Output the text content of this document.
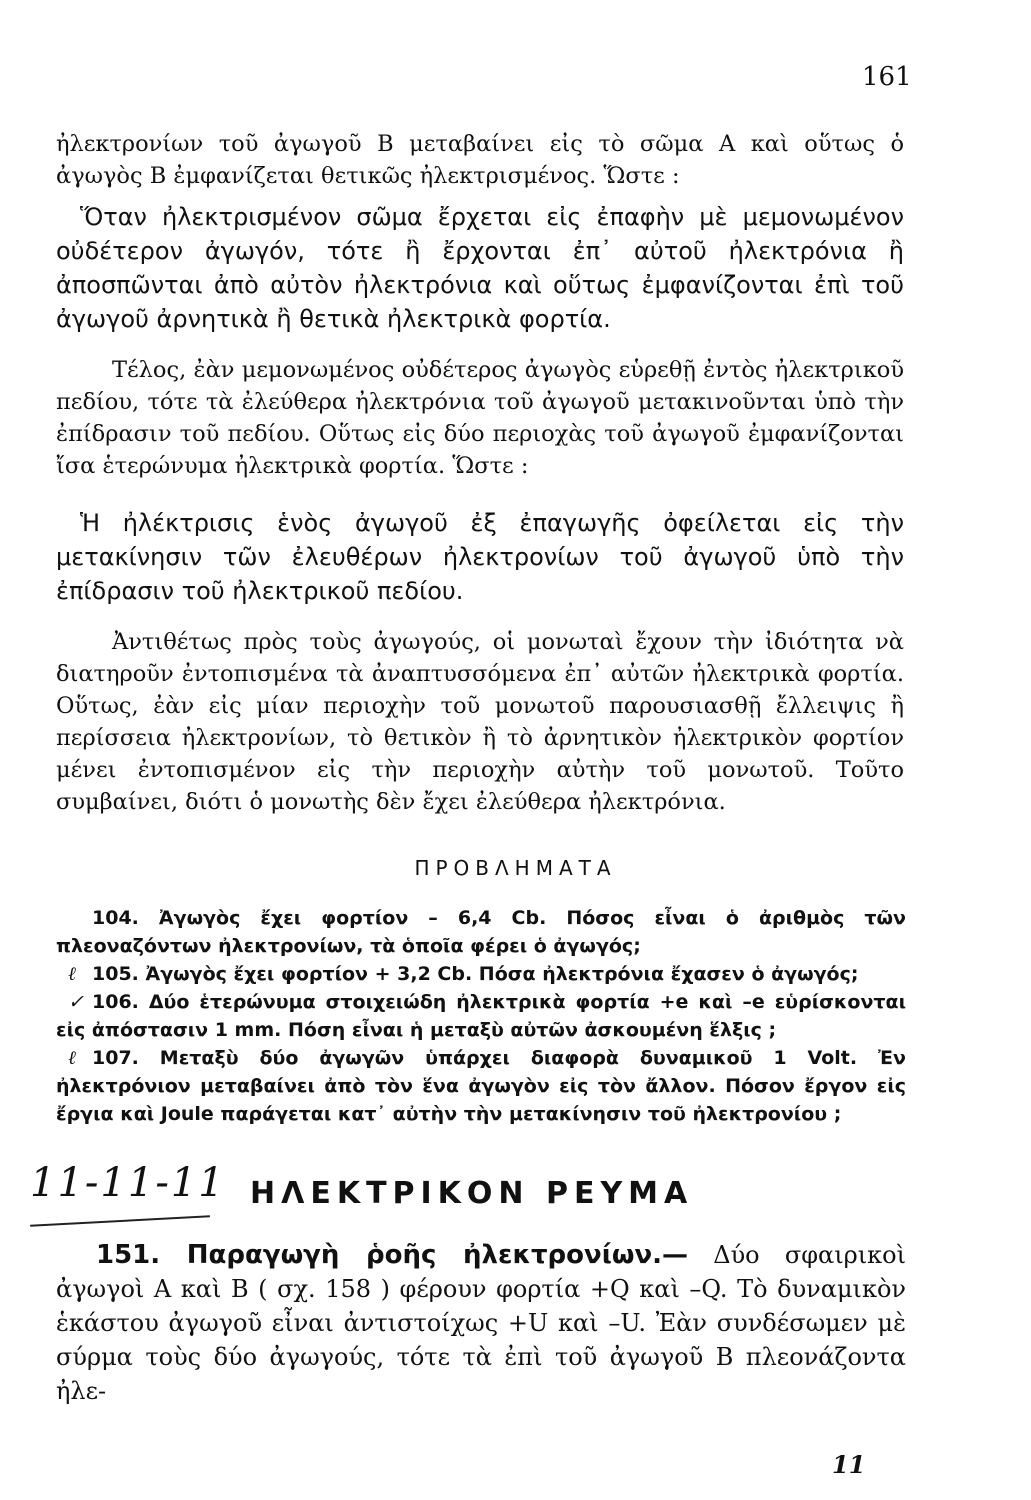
161
ἠλεκτρονίων τοῦ ἀγωγοῦ Β μεταβαίνει εἰς τὸ σῶμα Α καὶ οὕτως ὁ ἀγωγὸς Β ἐμφανίζεται θετικῶς ἠλεκτρισμένος. Ὥστε :
Ὅταν ἠλεκτρισμένον σῶμα ἔρχεται εἰς ἐπαφὴν μὲ μεμονωμένον οὐδέτερον ἀγωγόν, τότε ἢ ἔρχονται ἐπ᾿ αὐτοῦ ἠλεκτρόνια ἢ ἀποσπῶνται ἀπὸ αὐτὸν ἠλεκτρόνια καὶ οὕτως ἐμφανίζονται ἐπὶ τοῦ ἀγωγοῦ ἀρνητικὰ ἢ θετικὰ ἠλεκτρικὰ φορτία.
Τέλος, ἐὰν μεμονωμένος οὐδέτερος ἀγωγὸς εὑρεθῇ ἐντὸς ἠλεκτρικοῦ πεδίου, τότε τὰ ἐλεύθερα ἠλεκτρόνια τοῦ ἀγωγοῦ μετακινοῦνται ὑπὸ τὴν ἐπίδρασιν τοῦ πεδίου. Οὕτως εἰς δύο περιοχὰς τοῦ ἀγωγοῦ ἐμφανίζονται ἴσα ἑτερώνυμα ἠλεκτρικὰ φορτία. Ὥστε :
Ἡ ἠλέκτρισις ἑνὸς ἀγωγοῦ ἐξ ἐπαγωγῆς ὀφείλεται εἰς τὴν μετακίνησιν τῶν ἐλευθέρων ἠλεκτρονίων τοῦ ἀγωγοῦ ὑπὸ τὴν ἐπίδρασιν τοῦ ἠλεκτρικοῦ πεδίου.
Ἀντιθέτως πρὸς τοὺς ἀγωγούς, οἱ μονωταὶ ἔχουν τὴν ἰδιότητα νὰ διατηροῦν ἐντοπισμένα τὰ ἀναπτυσσόμενα ἐπ᾿ αὐτῶν ἠλεκτρικὰ φορτία. Οὕτως, ἐὰν εἰς μίαν περιοχὴν τοῦ μονωτοῦ παρουσιασθῇ ἔλλειψις ἢ περίσσεια ἠλεκτρονίων, τὸ θετικὸν ἢ τὸ ἀρνητικὸν ἠλεκτρικὸν φορτίον μένει ἐντοπισμένον εἰς τὴν περιοχὴν αὐτὴν τοῦ μονωτοῦ. Τοῦτο συμβαίνει, διότι ὁ μονωτὴς δὲν ἔχει ἐλεύθερα ἠλεκτρόνια.
ΠΡΟΒΛΗΜΑΤΑ
104. Ἀγωγὸς ἔχει φορτίον – 6,4 Cb. Πόσος εἶναι ὁ ἀριθμὸς τῶν πλεοναζόντων ἠλεκτρονίων, τὰ ὁποῖα φέρει ὁ ἀγωγός;
ℓ 105. Ἀγωγὸς ἔχει φορτίον + 3,2 Cb. Πόσα ἠλεκτρόνια ἔχασεν ὁ ἀγωγός;
✓ 106. Δύο ἑτερώνυμα στοιχειώδη ἠλεκτρικὰ φορτία +e καὶ –e εὑρίσκονται εἰς ἀπόστασιν 1 mm. Πόση εἶναι ἡ μεταξὺ αὐτῶν ἀσκουμένη ἕλξις ;
ℓ 107. Μεταξὺ δύο ἀγωγῶν ὑπάρχει διαφορὰ δυναμικοῦ 1 Volt. Ἐν ἠλεκτρόνιον μεταβαίνει ἀπὸ τὸν ἕνα ἀγωγὸν εἰς τὸν ἄλλον. Πόσον ἔργον εἰς ἔργια καὶ Joule παράγεται κατ᾿ αὐτὴν τὴν μετακίνησιν τοῦ ἠλεκτρονίου ;
11-11-11 ΗΛΕΚΤΡΙΚΟΝ ΡΕΥΜΑ
151. Παραγωγὴ ῥοῆς ἠλεκτρονίων.— Δύο σφαιρικοὶ ἀγωγοὶ Α καὶ Β ( σχ. 158 ) φέρουν φορτία +Q καὶ –Q. Τὸ δυναμικὸν ἑκάστου ἀγωγοῦ εἶναι ἀντιστοίχως +U καὶ –U. Ἐὰν συνδέσωμεν μὲ σύρμα τοὺς δύο ἀγωγούς, τότε τὰ ἐπὶ τοῦ ἀγωγοῦ Β πλεονάζοντα ἠλε-
11
